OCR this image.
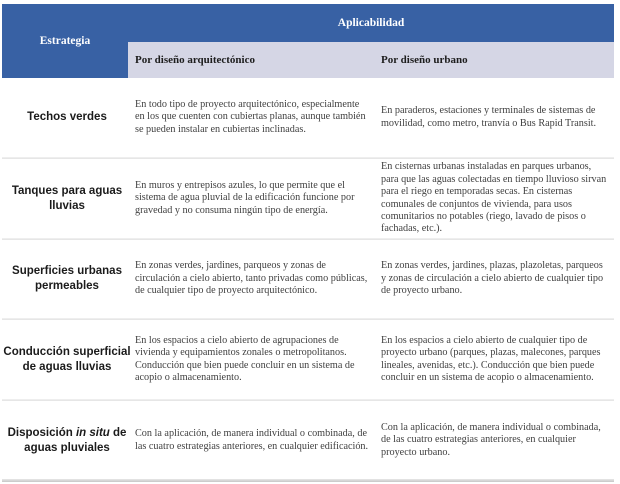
Estrategia
Aplicabilidad
Por diseño arquitectónico	Por diseño urbano
Techos verdes
En todo tipo de proyecto arquitectónico, especialmente en los que cuenten con cubiertas planas, aunque también se pueden instalar en cubiertas inclinadas.
En paraderos, estaciones y terminales de sistemas de movilidad, como metro, tranvía o Bus Rapid Transit.
Tanques para aguas lluvias
En muros y entrepisos azules, lo que permite que el sistema de agua pluvial de la edificación funcione por gravedad y no consuma ningún tipo de energía.
En cisternas urbanas instaladas en parques urbanos, para que las aguas colectadas en tiempo lluvioso sirvan para el riego en temporadas secas. En cisternas comunales de conjuntos de vivienda, para usos comunitarios no potables (riego, lavado de pisos o fachadas, etc.).
Superficies urbanas permeables
En zonas verdes, jardines, parqueos y zonas de circulación a cielo abierto, tanto privadas como públicas, de cualquier tipo de proyecto arquitectónico.
En zonas verdes, jardines, plazas, plazoletas, parqueos y zonas de circulación a cielo abierto de cualquier tipo de proyecto urbano.
Conducción superficial de aguas lluvias
En los espacios a cielo abierto de agrupaciones de vivienda y equipamientos zonales o metropolitanos. Conducción que bien puede concluir en un sistema de acopio o almacenamiento.
En los espacios a cielo abierto de cualquier tipo de proyecto urbano (parques, plazas, malecones, parques lineales, avenidas, etc.). Conducción que bien puede concluir en un sistema de acopio o almacenamiento.
Disposición in situ de aguas pluviales
Con la aplicación, de manera individual o combinada, de las cuatro estrategias anteriores, en cualquier edificación.
Con la aplicación, de manera individual o combinada, de las cuatro estrategias anteriores, en cualquier proyecto urbano.
